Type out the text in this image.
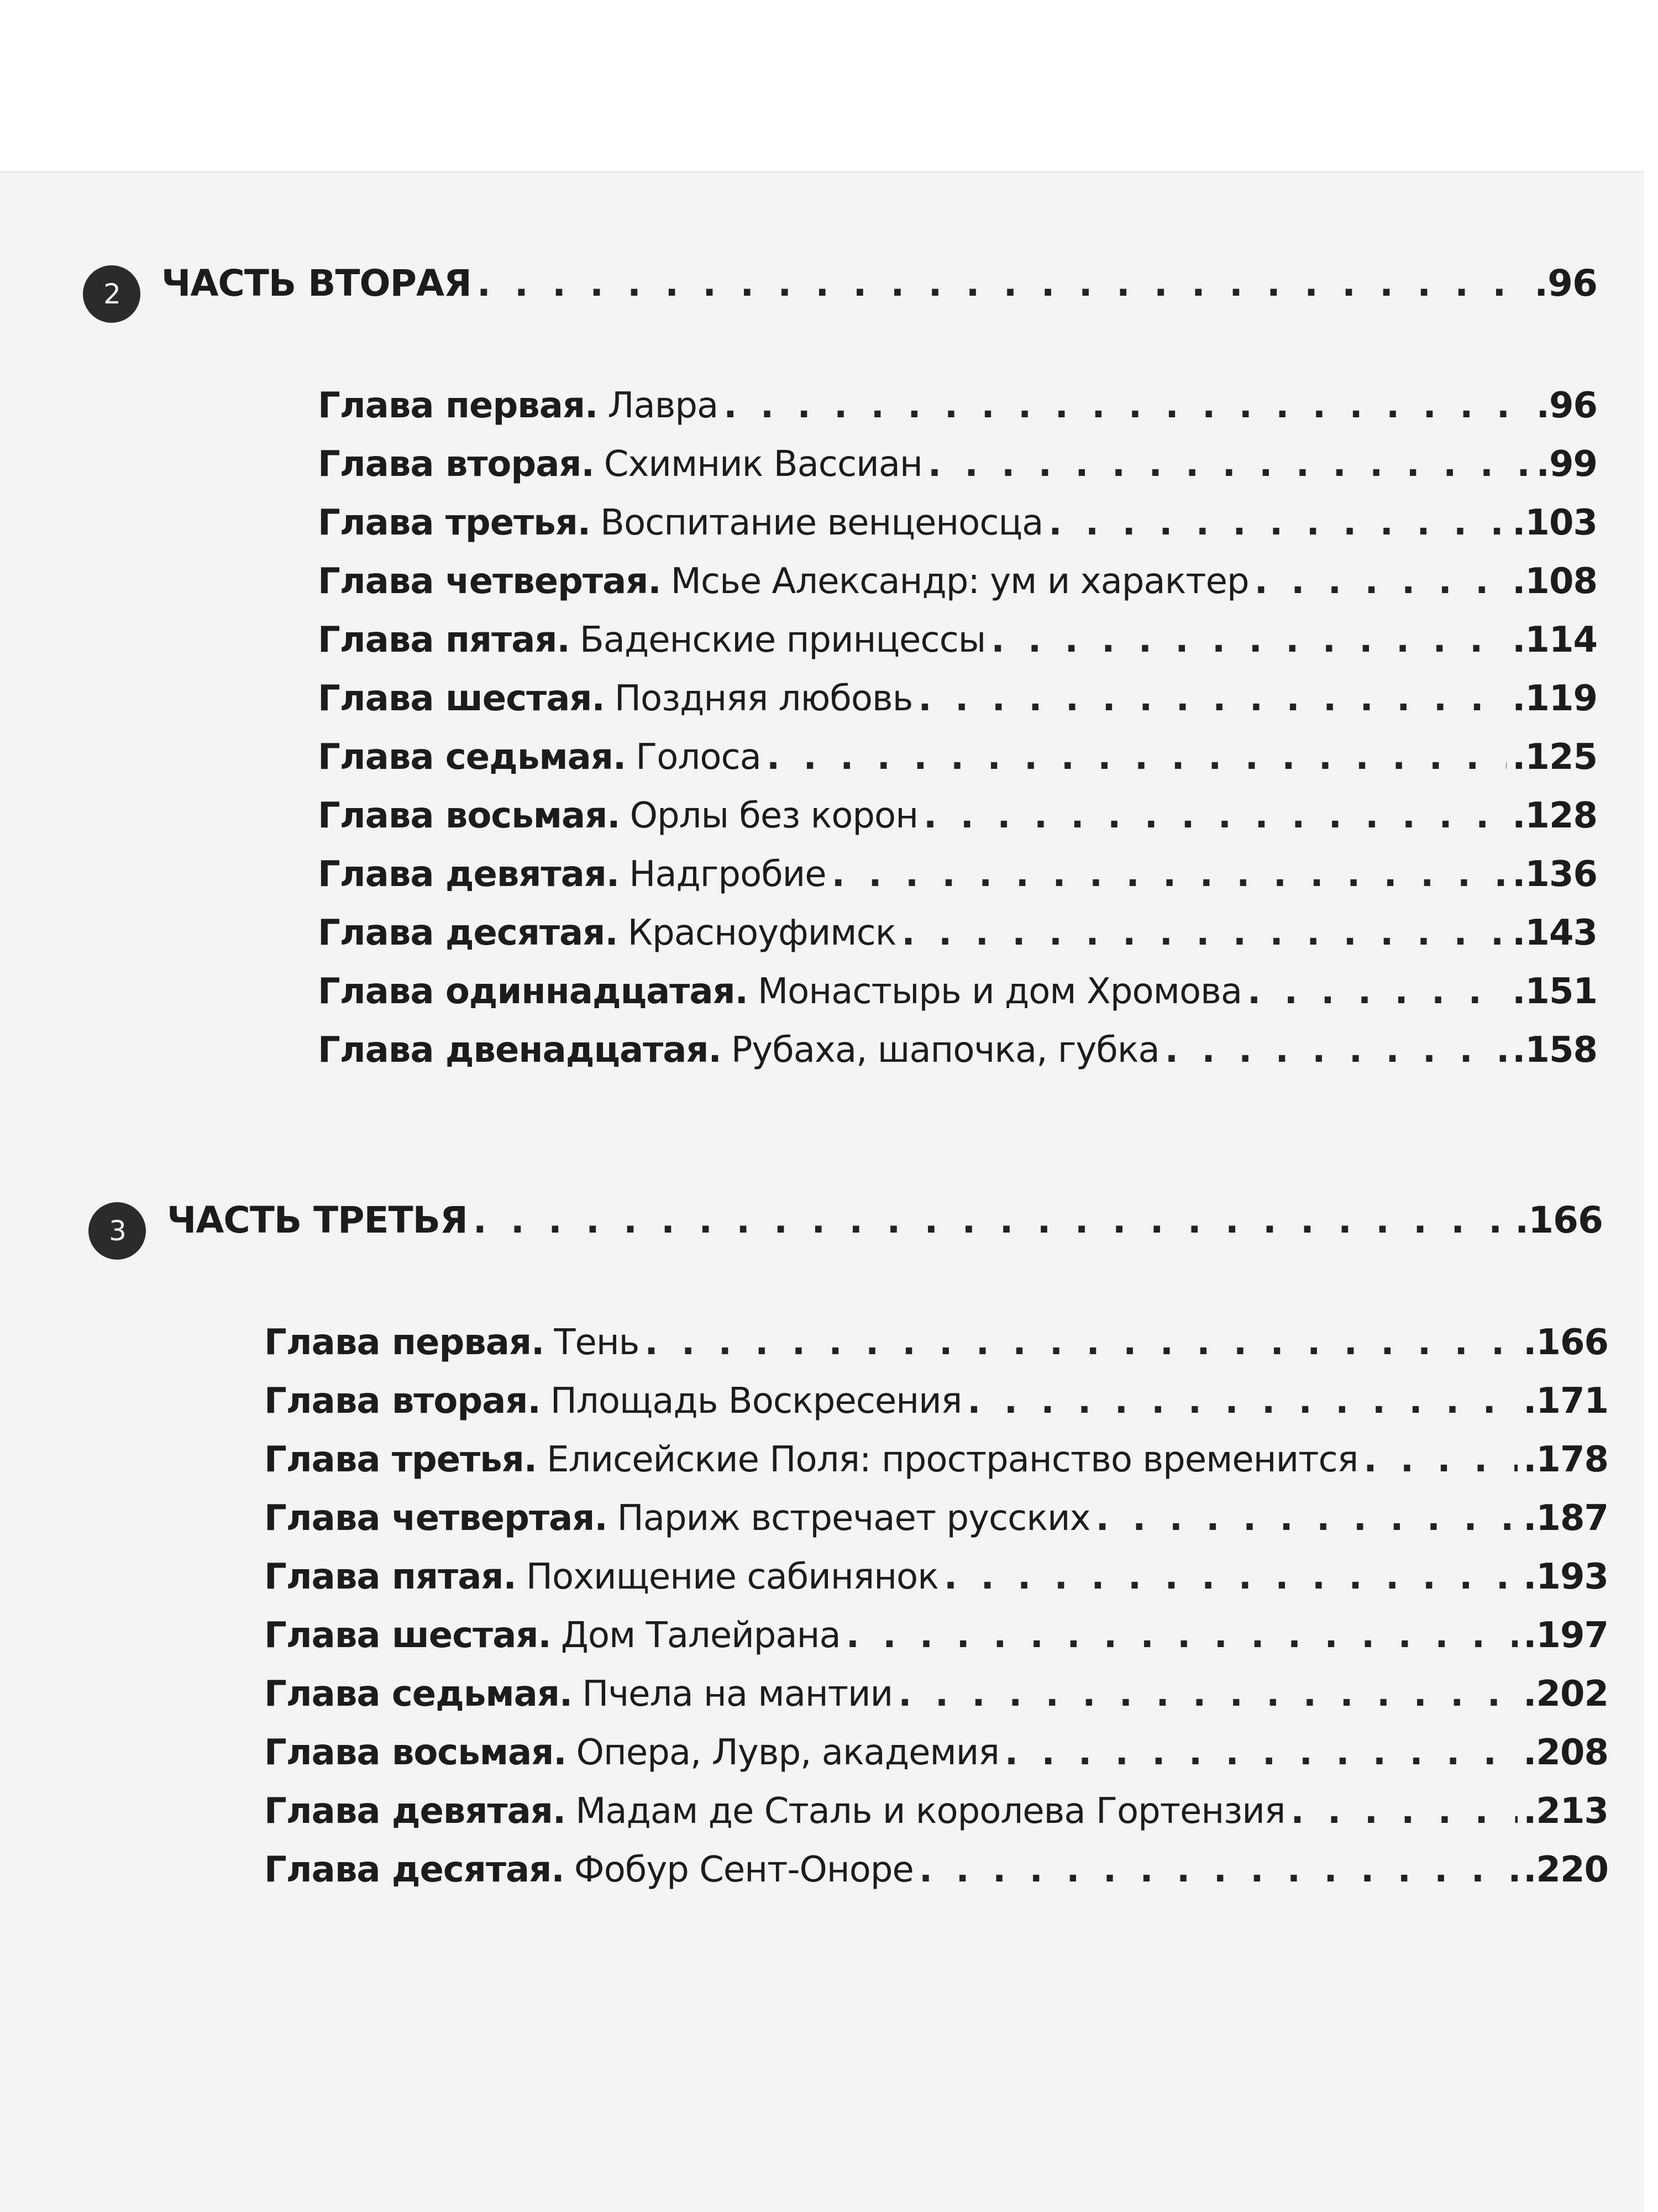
2	ЧАСТЬ ВТОРАЯ . . .	.96
Глава первая. Лавра . . .	.96
Глава вторая. Схимник Вассиан . . .	.99
Глава третья. Воспитание венценосца . . .	.103
Глава четвертая. Мсье Александр: ум и характер . . .	.108
Глава пятая. Баденские принцессы . . .	.114
Глава шестая. Поздняя любовь . . .	.119
Глава седьмая. Голоса . . .	.125
Глава восьмая. Орлы без корон . . .	.128
Глава девятая. Надгробие . . .	.136
Глава десятая. Красноуфимск . . .	.143
Глава одиннадцатая. Монастырь и дом Хромова . . .	.151
Глава двенадцатая. Рубаха, шапочка, губка . . .	.158
3	ЧАСТЬ ТРЕТЬЯ . . .	.166
Глава первая. Тень . . .	.166
Глава вторая. Площадь Воскресения . . .	.171
Глава третья. Елисейские Поля: пространство временится . . .	.178
Глава четвертая. Париж встречает русских . . .	.187
Глава пятая. Похищение сабинянок . . .	.193
Глава шестая. Дом Талейрана . . .	.197
Глава седьмая. Пчела на мантии . . .	.202
Глава восьмая. Опера, Лувр, академия . . .	.208
Глава девятая. Мадам де Сталь и королева Гортензия . . .	.213
Глава десятая. Фобур Сент-Оноре . . .	.220
